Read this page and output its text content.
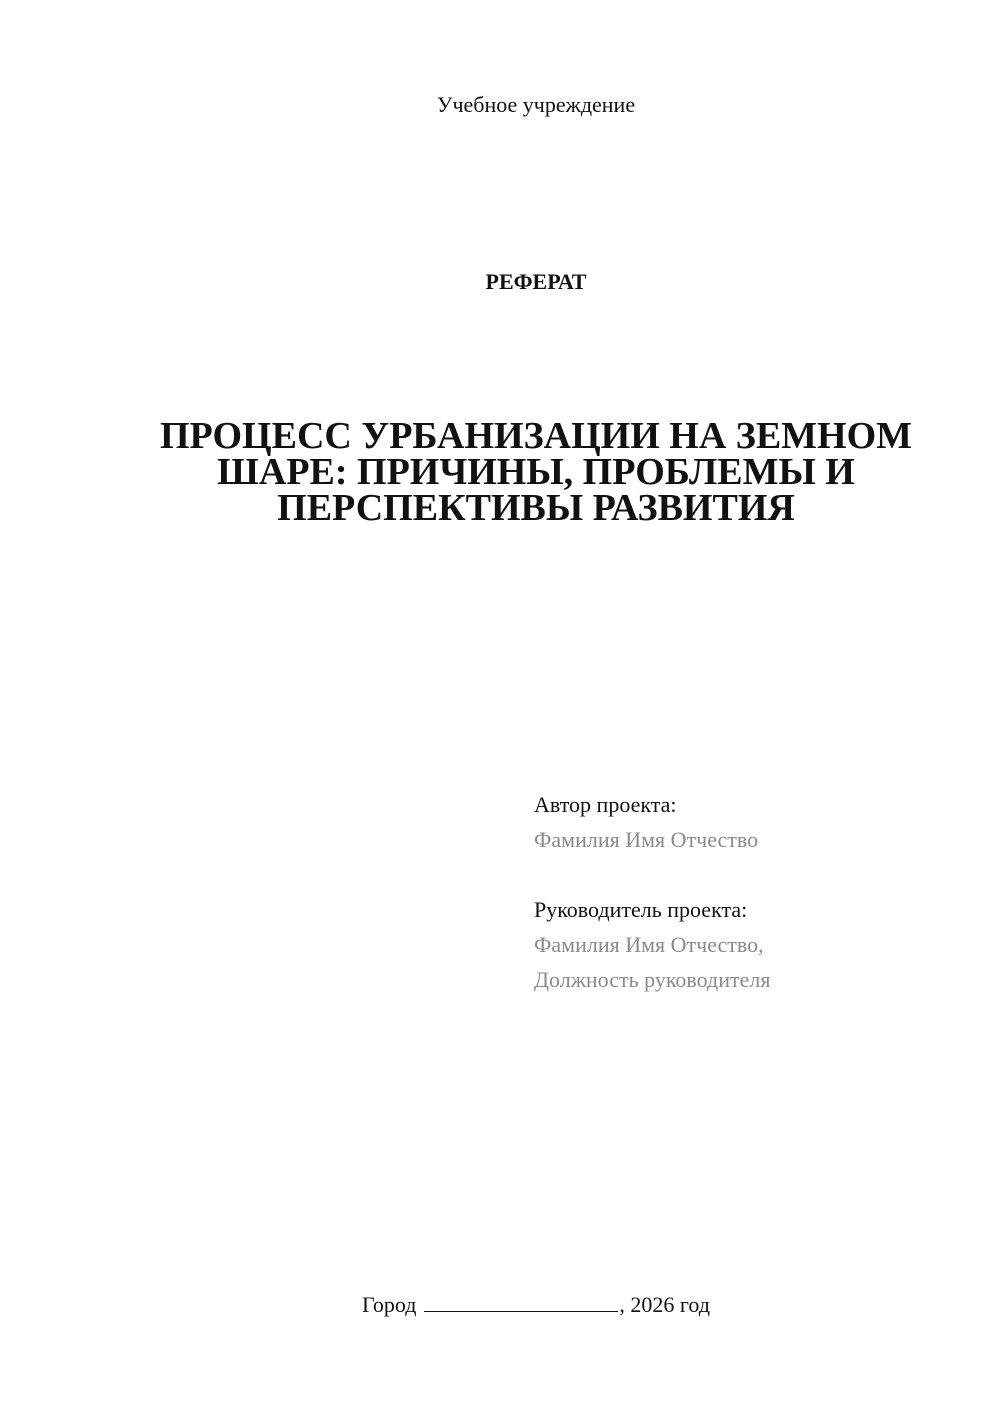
Учебное учреждение
РЕФЕРАТ
ПРОЦЕСС УРБАНИЗАЦИИ НА ЗЕМНОМ
ШАРЕ: ПРИЧИНЫ, ПРОБЛЕМЫ И
ПЕРСПЕКТИВЫ РАЗВИТИЯ
Автор проекта:
Фамилия Имя Отчество
Руководитель проекта:
Фамилия Имя Отчество,
Должность руководителя
Город	, 2026 год
